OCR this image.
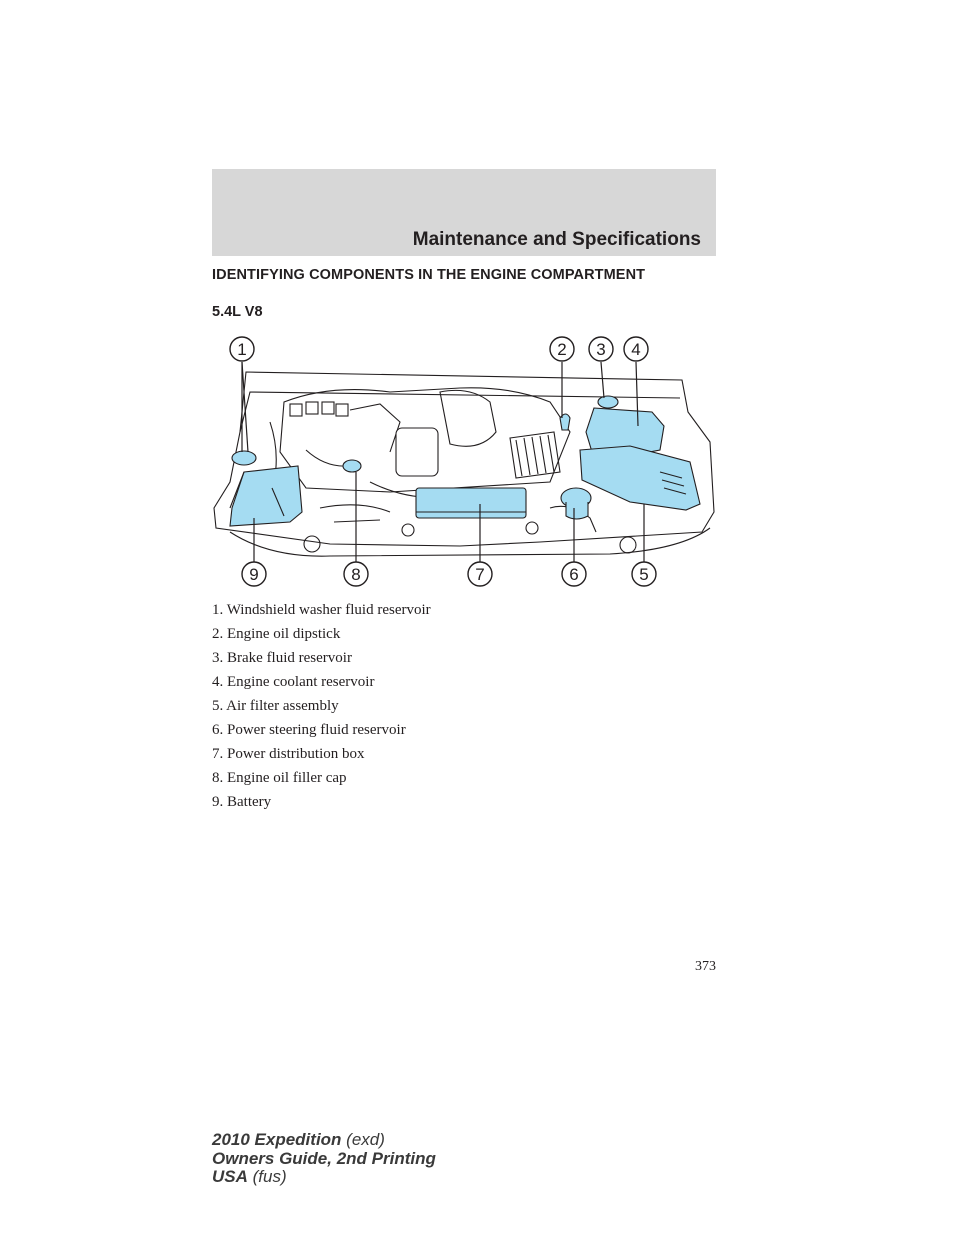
Maintenance and Specifications
IDENTIFYING COMPONENTS IN THE ENGINE COMPARTMENT
5.4L V8
1	2 3 4
9	8	7	6	5
1. Windshield washer fluid reservoir
2. Engine oil dipstick
3. Brake fluid reservoir
4. Engine coolant reservoir
5. Air filter assembly
6. Power steering fluid reservoir
7. Power distribution box
8. Engine oil filler cap
9. Battery
373
2010 Expedition (exd)
Owners Guide, 2nd Printing
USA (fus)
